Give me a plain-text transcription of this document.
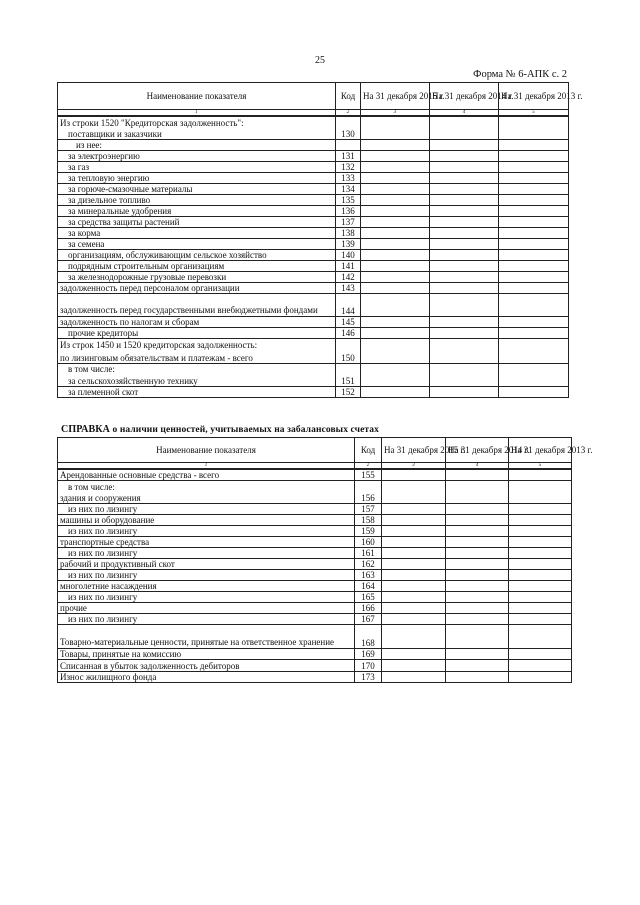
25
Форма № 6-АПК с. 2
Наименование показателя	Код	На 31 декабря 2015 г.	На 31 декабря 2014 г.	На 31 декабря 2013 г.
1	2	3	4	5
Из строки 1520 "Кредиторская задолженность":				
поставщики и заказчики	130			
из нее:				
за электроэнергию	131			
за газ	132			
за тепловую энергию	133			
за горюче-смазочные материалы	134			
за дизельное топливо	135			
за минеральные удобрения	136			
за средства защиты растений	137			
за корма	138			
за семена	139			
организациям, обслуживающим сельское хозяйство	140			
подрядным строительным организациям	141			
за железнодорожные грузовые перевозки	142			
задолженность перед персоналом организации	143			
задолженность перед государственными внебюджетными фондами	144			
задолженность по налогам и сборам	145			
прочие кредиторы	146			
Из строк 1450 и 1520 кредиторская задолженность:				
по лизинговым обязательствам и платежам - всего	150			
в том числе:				
за сельскохозяйственную технику	151			
за племенной скот	152			
СПРАВКА о наличии ценностей, учитываемых на забалансовых счетах
Наименование показателя	Код	На 31 декабря 2015 г.	На 31 декабря 2014 г.	На 31 декабря 2013 г.
1	2	3	4	5
Арендованные основные средства - всего	155			
в том числе:				
здания и сооружения	156			
из них по лизингу	157			
машины и оборудование	158			
из них по лизингу	159			
транспортные средства	160			
из них по лизингу	161			
рабочий и продуктивный скот	162			
из них по лизингу	163			
многолетние насаждения	164			
из них по лизингу	165			
прочие	166			
из них по лизингу	167			
Товарно-материальные ценности, принятые на ответственное хранение	168			
Товары, принятые на комиссию	169			
Списанная в убыток задолженность дебиторов	170			
Износ жилищного фонда	173			
